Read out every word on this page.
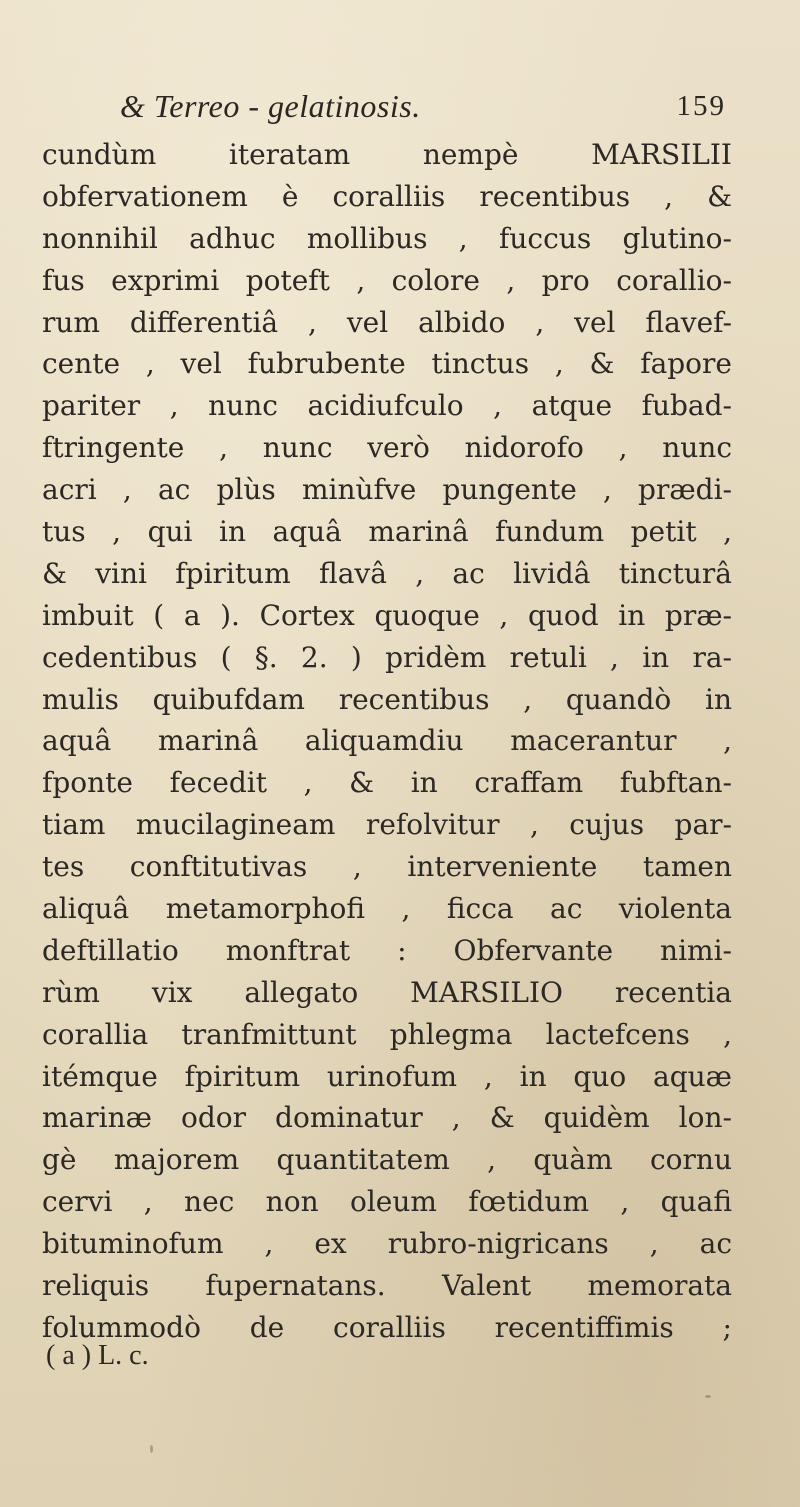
& Terreo - gelatinosis.	159
cundùm iteratam nempè MARSILII
obfervationem è coralliis recentibus , &
nonnihil adhuc mollibus , fuccus glutino-
fus exprimi poteft , colore , pro corallio-
rum differentiâ , vel albido , vel flavef-
cente , vel fubrubente tinctus , & fapore
pariter , nunc acidiufculo , atque fubad-
ftringente , nunc verò nidorofo , nunc
acri , ac plùs minùfve pungente , prædi-
tus , qui in aquâ marinâ fundum petit ,
& vini fpiritum flavâ , ac lividâ tincturâ
imbuit ( a ). Cortex quoque , quod in præ-
cedentibus ( §. 2. ) pridèm retuli , in ra-
mulis quibufdam recentibus , quandò in
aquâ marinâ aliquamdiu macerantur ,
fponte fecedit , & in craffam fubftan-
tiam mucilagineam refolvitur , cujus par-
tes conftitutivas , interveniente tamen
aliquâ metamorphofi , ficca ac violenta
deftillatio monftrat : Obfervante nimi-
rùm vix allegato MARSILIO recentia
corallia tranfmittunt phlegma lactefcens ,
itémque fpiritum urinofum , in quo aquæ
marinæ odor dominatur , & quidèm lon-
gè majorem quantitatem , quàm cornu
cervi , nec non oleum fœtidum , quafi
bituminofum , ex rubro-nigricans , ac
reliquis fupernatans. Valent memorata
folummodò de coralliis recentiffimis ;
( a ) L. c.
